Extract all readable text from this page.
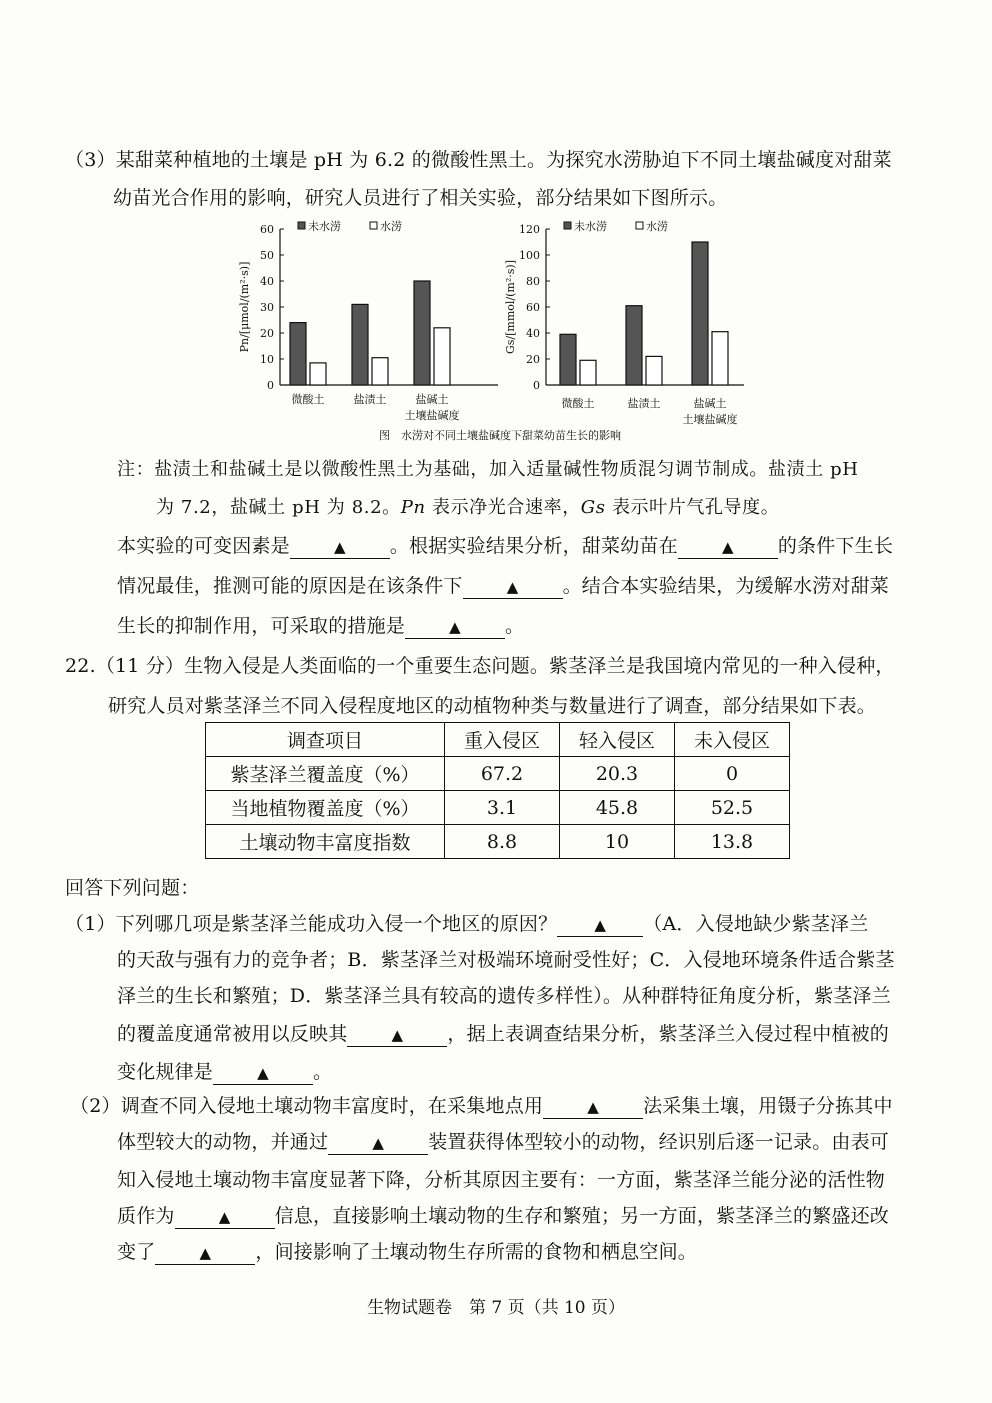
（3）某甜菜种植地的土壤是 pH 为 6.2 的微酸性黑土。为探究水涝胁迫下不同土壤盐碱度对甜菜
幼苗光合作用的影响，研究人员进行了相关实验，部分结果如下图所示。
0
10
20
30
40
50
60
Pn/[μmol/(m²·s)]
未水涝	水涝
微酸土	盐渍土	盐碱土
土壤盐碱度
0
20
40
60
80
100
120
Gs/[mmol/(m²·s)]
未水涝	水涝
微酸土	盐渍土	盐碱土
土壤盐碱度
图　水涝对不同土壤盐碱度下甜菜幼苗生长的影响
注：盐渍土和盐碱土是以微酸性黑土为基础，加入适量碱性物质混匀调节制成。盐渍土 pH
为 7.2，盐碱土 pH 为 8.2。Pn 表示净光合速率，Gs 表示叶片气孔导度。
本实验的可变因素是	▲ 。根据实验结果分析，甜菜幼苗在	▲ 的条件下生长
情况最佳，推测可能的原因是在该条件下	▲ 。结合本实验结果，为缓解水涝对甜菜
生长的抑制作用，可采取的措施是	▲ 。
22.（11 分）生物入侵是人类面临的一个重要生态问题。紫茎泽兰是我国境内常见的一种入侵种，
研究人员对紫茎泽兰不同入侵程度地区的动植物种类与数量进行了调查，部分结果如下表。
调查项目	重入侵区	轻入侵区	未入侵区
紫茎泽兰覆盖度（%）	67.2	20.3	0
当地植物覆盖度（%）	3.1	45.8	52.5
土壤动物丰富度指数	8.8	10	13.8
回答下列问题：
（1）下列哪几项是紫茎泽兰能成功入侵一个地区的原因？ ▲ （A．入侵地缺少紫茎泽兰
的天敌与强有力的竞争者；B．紫茎泽兰对极端环境耐受性好；C．入侵地环境条件适合紫茎
泽兰的生长和繁殖；D．紫茎泽兰具有较高的遗传多样性）。从种群特征角度分析，紫茎泽兰
的覆盖度通常被用以反映其	▲ ，据上表调查结果分析，紫茎泽兰入侵过程中植被的
变化规律是	▲ 。
（2）调查不同入侵地土壤动物丰富度时，在采集地点用	▲ 法采集土壤，用镊子分拣其中
体型较大的动物，并通过	▲ 装置获得体型较小的动物，经识别后逐一记录。由表可
知入侵地土壤动物丰富度显著下降，分析其原因主要有：一方面，紫茎泽兰能分泌的活性物
质作为	▲ 信息，直接影响土壤动物的生存和繁殖；另一方面，紫茎泽兰的繁盛还改
变了	▲ ，间接影响了土壤动物生存所需的食物和栖息空间。
生物试题卷　第 7 页（共 10 页）
